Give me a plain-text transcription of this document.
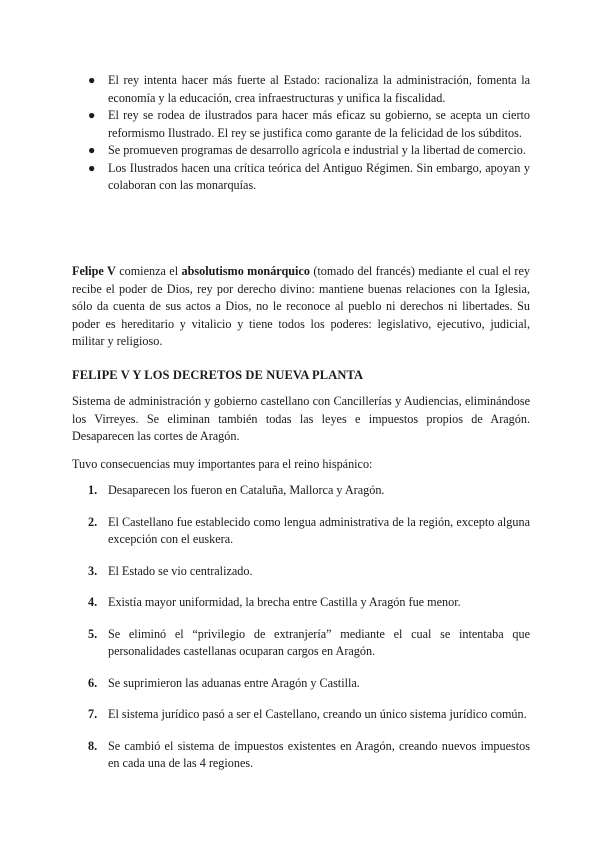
● El rey intenta hacer más fuerte al Estado: racionaliza la administración, fomenta la economía y la educación, crea infraestructuras y unifica la fiscalidad.
● El rey se rodea de ilustrados para hacer más eficaz su gobierno, se acepta un cierto reformismo Ilustrado. El rey se justifica como garante de la felicidad de los súbditos.
● Se promueven programas de desarrollo agrícola e industrial y la libertad de comercio.
● Los Ilustrados hacen una crítica teórica del Antiguo Régimen. Sin embargo, apoyan y colaboran con las monarquías.

Felipe V comienza el absolutismo monárquico (tomado del francés) mediante el cual el rey recibe el poder de Dios, rey por derecho divino: mantiene buenas relaciones con la Iglesia, sólo da cuenta de sus actos a Dios, no le reconoce al pueblo ni derechos ni libertades. Su poder es hereditario y vitalicio y tiene todos los poderes: legislativo, ejecutivo, judicial, militar y religioso.

FELIPE V Y LOS DECRETOS DE NUEVA PLANTA

Sistema de administración y gobierno castellano con Cancillerías y Audiencias, eliminándose los Virreyes. Se eliminan también todas las leyes e impuestos propios de Aragón. Desaparecen las cortes de Aragón.

Tuvo consecuencias muy importantes para el reino hispánico:

1. Desaparecen los fueron en Cataluña, Mallorca y Aragón.
2. El Castellano fue establecido como lengua administrativa de la región, excepto alguna excepción con el euskera.
3. El Estado se vio centralizado.
4. Existía mayor uniformidad, la brecha entre Castilla y Aragón fue menor.
5. Se eliminó el “privilegio de extranjería” mediante el cual se intentaba que personalidades castellanas ocuparan cargos en Aragón.
6. Se suprimieron las aduanas entre Aragón y Castilla.
7. El sistema jurídico pasó a ser el Castellano, creando un único sistema jurídico común.
8. Se cambió el sistema de impuestos existentes en Aragón, creando nuevos impuestos en cada una de las 4 regiones.
